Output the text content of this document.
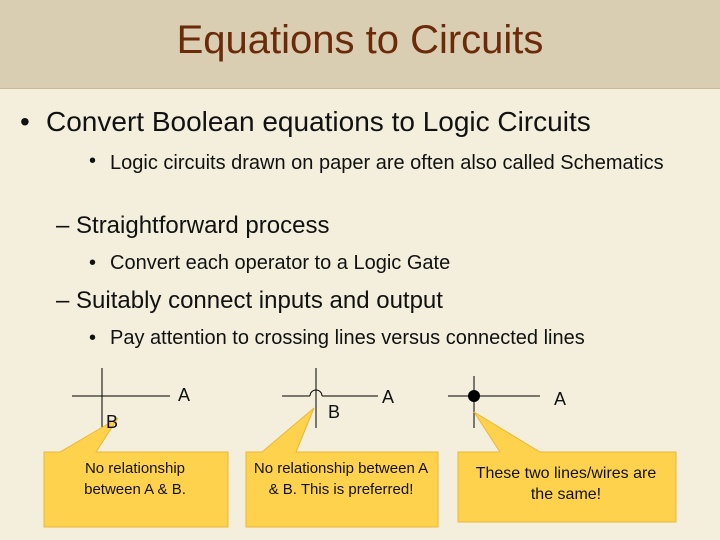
Equations to Circuits
• Convert Boolean equations to Logic Circuits
• Logic circuits drawn on paper are often also called Schematics
– Straightforward process
• Convert each operator to a Logic Gate
– Suitably connect inputs and output
• Pay attention to crossing lines versus connected lines
A
B
A
B
A
No relationship between A & B.
No relationship between A & B. This is preferred!
These two lines/wires are the same!
